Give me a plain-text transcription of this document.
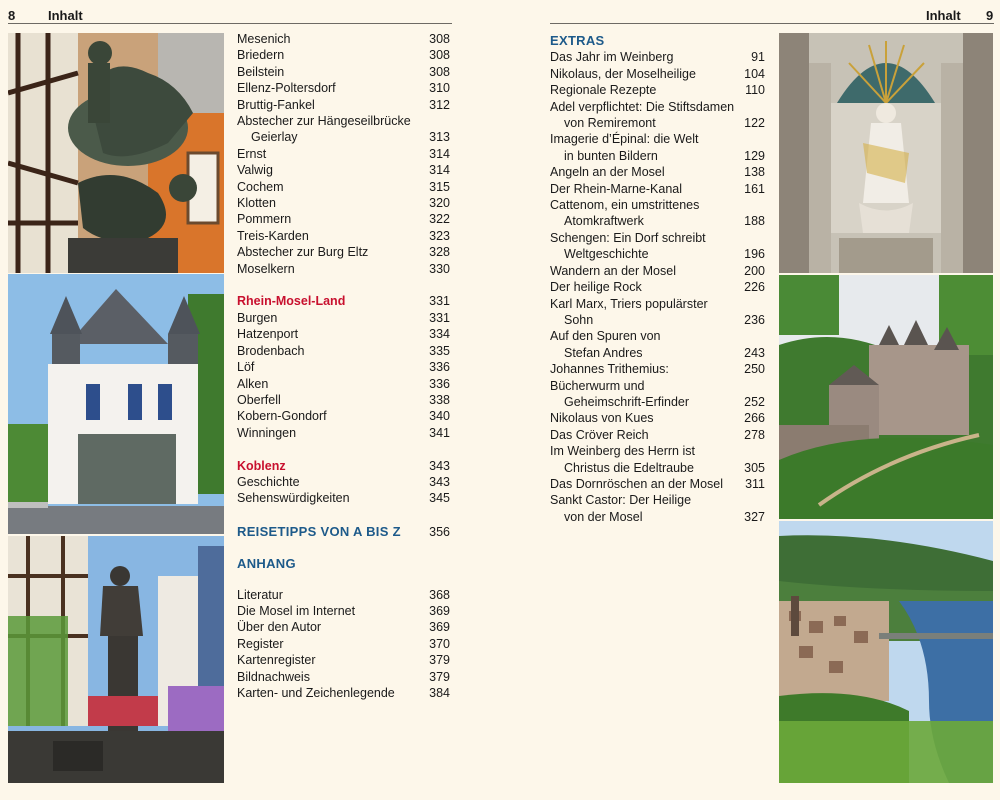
8	Inhalt
Mesenich	308
Briedern	308
Beilstein	308
Ellenz-Poltersdorf	310
Bruttig-Fankel	312
Abstecher zur Hängeseilbrücke
Geierlay	313
Ernst	314
Valwig	314
Cochem	315
Klotten	320
Pommern	322
Treis-Karden	323
Abstecher zur Burg Eltz	328
Moselkern	330
Rhein-Mosel-Land	331
Burgen	331
Hatzenport	334
Brodenbach	335
Löf	336
Alken	336
Oberfell	338
Kobern-Gondorf	340
Winningen	341
Koblenz	343
Geschichte	343
Sehenswürdigkeiten	345
REISETIPPS VON A BIS Z	356
ANHANG
Literatur	368
Die Mosel im Internet	369
Über den Autor	369
Register	370
Kartenregister	379
Bildnachweis	379
Karten- und Zeichenlegende	384
Inhalt 9
EXTRAS
Das Jahr im Weinberg	91
Nikolaus, der Moselheilige	104
Regionale Rezepte	110
Adel verpflichtet: Die Stiftsdamen
von Remiremont	122
Imagerie d’Épinal: die Welt
in bunten Bildern	129
Angeln an der Mosel	138
Der Rhein-Marne-Kanal	161
Cattenom, ein umstrittenes
Atomkraftwerk	188
Schengen: Ein Dorf schreibt
Weltgeschichte	196
Wandern an der Mosel	200
Der heilige Rock	226
Karl Marx, Triers populärster
Sohn	236
Auf den Spuren von
Stefan Andres	243
Johannes Trithemius:	250
Bücherwurm und
Geheimschrift-Erfinder	252
Nikolaus von Kues	266
Das Cröver Reich	278
Im Weinberg des Herrn ist
Christus die Edeltraube	305
Das Dornröschen an der Mosel	311
Sankt Castor: Der Heilige
von der Mosel	327
